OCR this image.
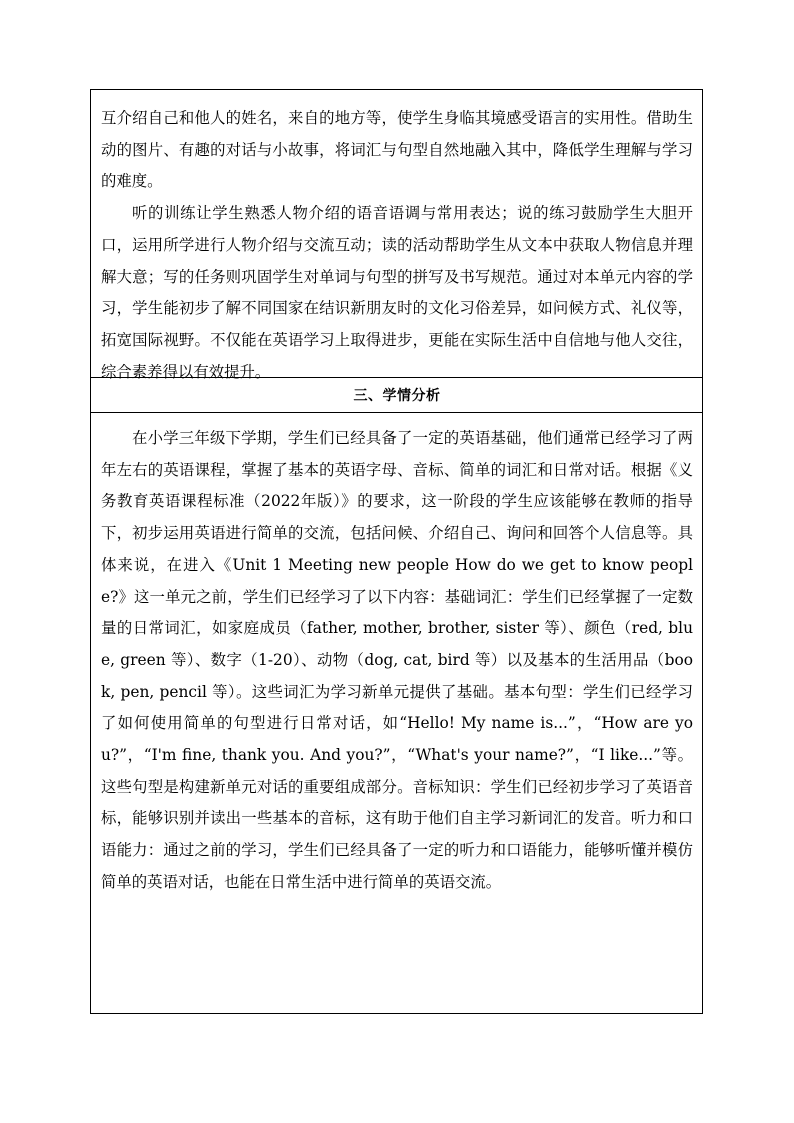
互介绍自己和他人的姓名，来自的地方等，使学生身临其境感受语言的实用性。借助生动的图片、有趣的对话与小故事，将词汇与句型自然地融入其中，降低学生理解与学习的难度。

听的训练让学生熟悉人物介绍的语音语调与常用表达；说的练习鼓励学生大胆开口，运用所学进行人物介绍与交流互动；读的活动帮助学生从文本中获取人物信息并理解大意；写的任务则巩固学生对单词与句型的拼写及书写规范。通过对本单元内容的学习，学生能初步了解不同国家在结识新朋友时的文化习俗差异，如问候方式、礼仪等，拓宽国际视野。不仅能在英语学习上取得进步，更能在实际生活中自信地与他人交往，综合素养得以有效提升。

三、学情分析

在小学三年级下学期，学生们已经具备了一定的英语基础，他们通常已经学习了两年左右的英语课程，掌握了基本的英语字母、音标、简单的词汇和日常对话。根据《义务教育英语课程标准（2022年版）》的要求，这一阶段的学生应该能够在教师的指导下，初步运用英语进行简单的交流，包括问候、介绍自己、询问和回答个人信息等。具体来说，在进入《Unit 1 Meeting new people How do we get to know people?》这一单元之前，学生们已经学习了以下内容：基础词汇：学生们已经掌握了一定数量的日常词汇，如家庭成员（father, mother, brother, sister 等）、颜色（red, blue, green 等）、数字（1-20）、动物（dog, cat, bird 等）以及基本的生活用品（book, pen, pencil 等）。这些词汇为学习新单元提供了基础。基本句型：学生们已经学习了如何使用简单的句型进行日常对话，如“Hello! My name is...”，“How are you?”，“I'm fine, thank you. And you?”，“What's your name?”，“I like...”等。这些句型是构建新单元对话的重要组成部分。音标知识：学生们已经初步学习了英语音标，能够识别并读出一些基本的音标，这有助于他们自主学习新词汇的发音。听力和口语能力：通过之前的学习，学生们已经具备了一定的听力和口语能力，能够听懂并模仿简单的英语对话，也能在日常生活中进行简单的英语交流。
